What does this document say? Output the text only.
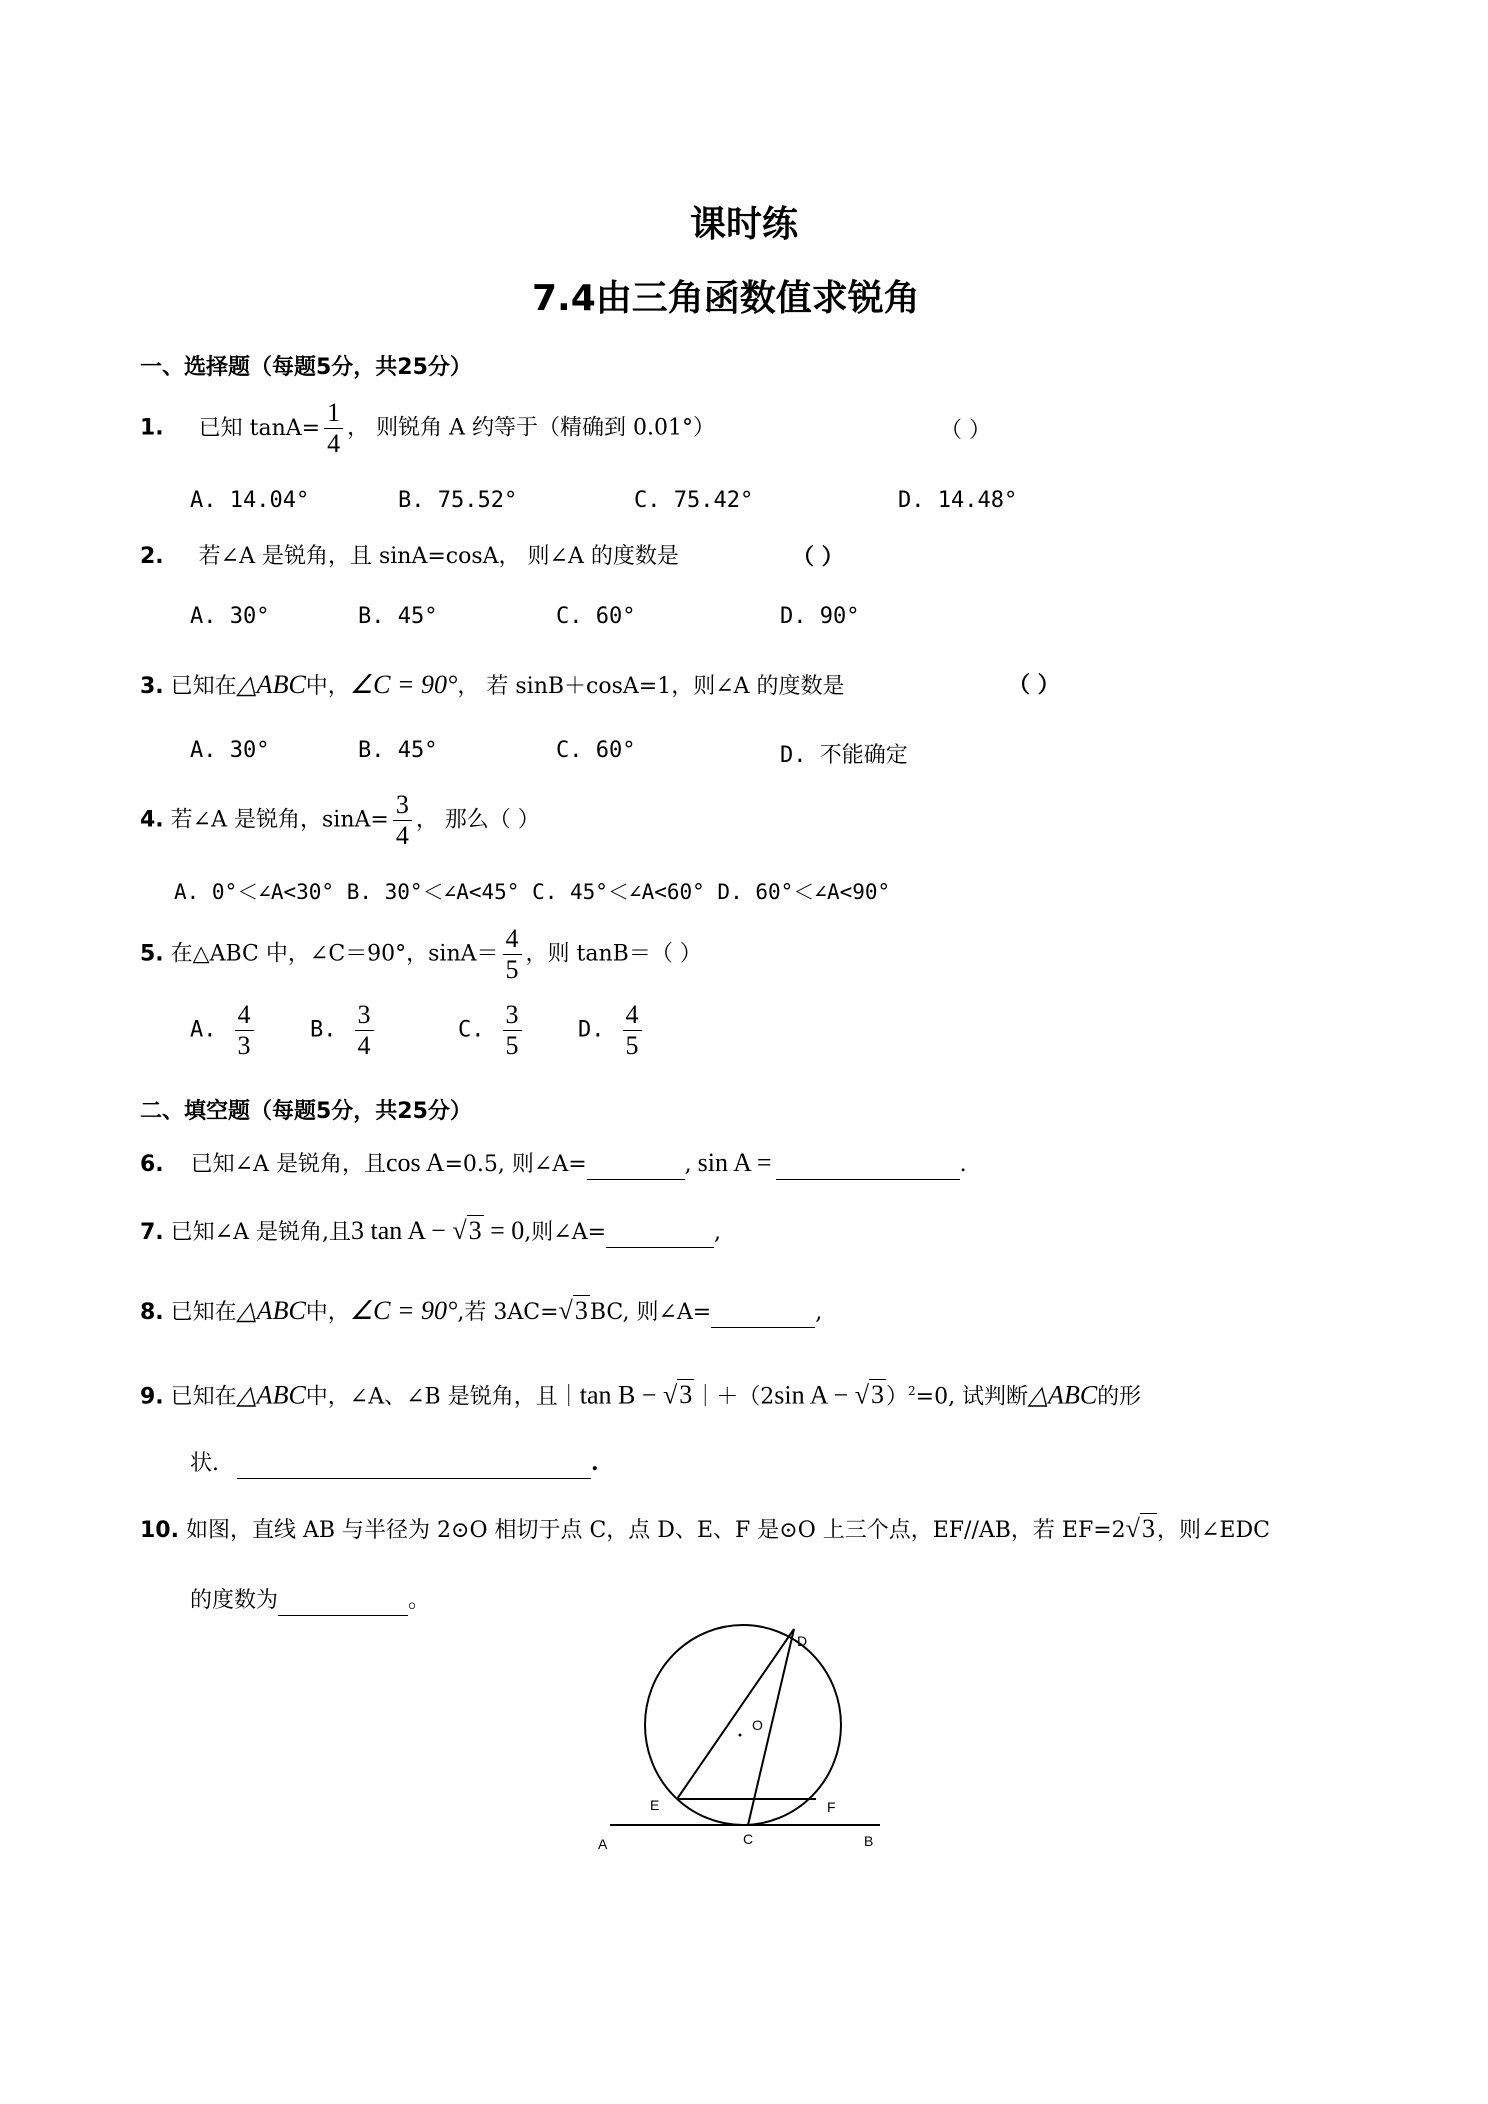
课时练
7.4由三角函数值求锐角
一、选择题（每题5分，共25分）
1. 已知 $\tan A= \frac{1}{4}$ ， 则锐角 A 约等于（精确到 0.01°）	（ ）
A. 14.04°	B. 75.52°	C. 75.42°	D. 14.48°
2. 若∠A 是锐角，且 sinA=cosA， 则∠A 的度数是	（ ）
A. 30°	B. 45°	C. 60°	D. 90°
3. 已知在△ABC中，∠C = 90°， 若 sinB＋cosA=1，则∠A 的度数是	（ ）
A. 30°	B. 45°	C. 60°	D. 不能确定
4. 若∠A 是锐角，$\sin A= \frac{3}{4}$ ， 那么（ ）
A. 0°＜∠A<30° B. 30°＜∠A<45° C. 45°＜∠A<60° D. 60°＜∠A<90°
5. 在△ABC 中，∠C＝90°，$\sin A= \frac{4}{5}$ ，则 tanB＝（ ）
A. $\frac{4}{3}$	B. $\frac{3}{4}$	C. $\frac{3}{5}$	D. $\frac{4}{5}$
二、填空题（每题5分，共25分）
6. 已知∠A 是锐角，且cos A=0.5, 则∠A=	, sin A =	.
7. 已知∠A 是锐角,且3 tan A − √3 = 0,则∠A=	,
8. 已知在△ABC中，∠C = 90°,若 3AC=√3BC, 则∠A=	,
9. 已知在△ABC中，∠A、∠B 是锐角，且｜tan B − √3｜＋（2sin A − √3）$^2$=0, 试判断△ABC的形
状.	.
10. 如图，直线 AB 与半径为 2⊙O 相切于点 C，点 D、E、F 是⊙O 上三个点，EF//AB，若 EF=2√3，则∠EDC
的度数为	。
D
O
E	F
A	C	B
